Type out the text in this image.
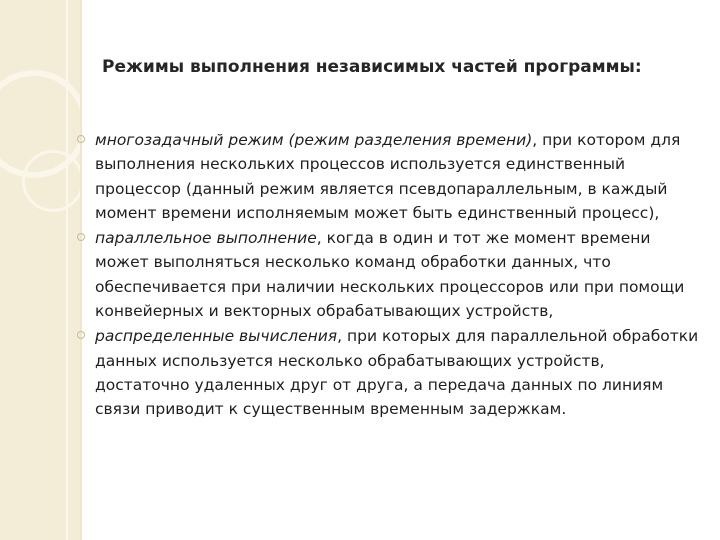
Режимы выполнения независимых частей программы:
многозадачный режим (режим разделения времени), при котором для выполнения нескольких процессов используется единственный процессор (данный режим является псевдопараллельным, в каждый момент времени исполняемым может быть единственный процесс),
параллельное выполнение, когда в один и тот же момент времени может выполняться несколько команд обработки данных, что обеспечивается при наличии нескольких процессоров или при помощи конвейерных и векторных обрабатывающих устройств,
распределенные вычисления, при которых для параллельной обработки данных используется несколько обрабатывающих устройств, достаточно удаленных друг от друга, а передача данных по линиям связи приводит к существенным временным задержкам.
